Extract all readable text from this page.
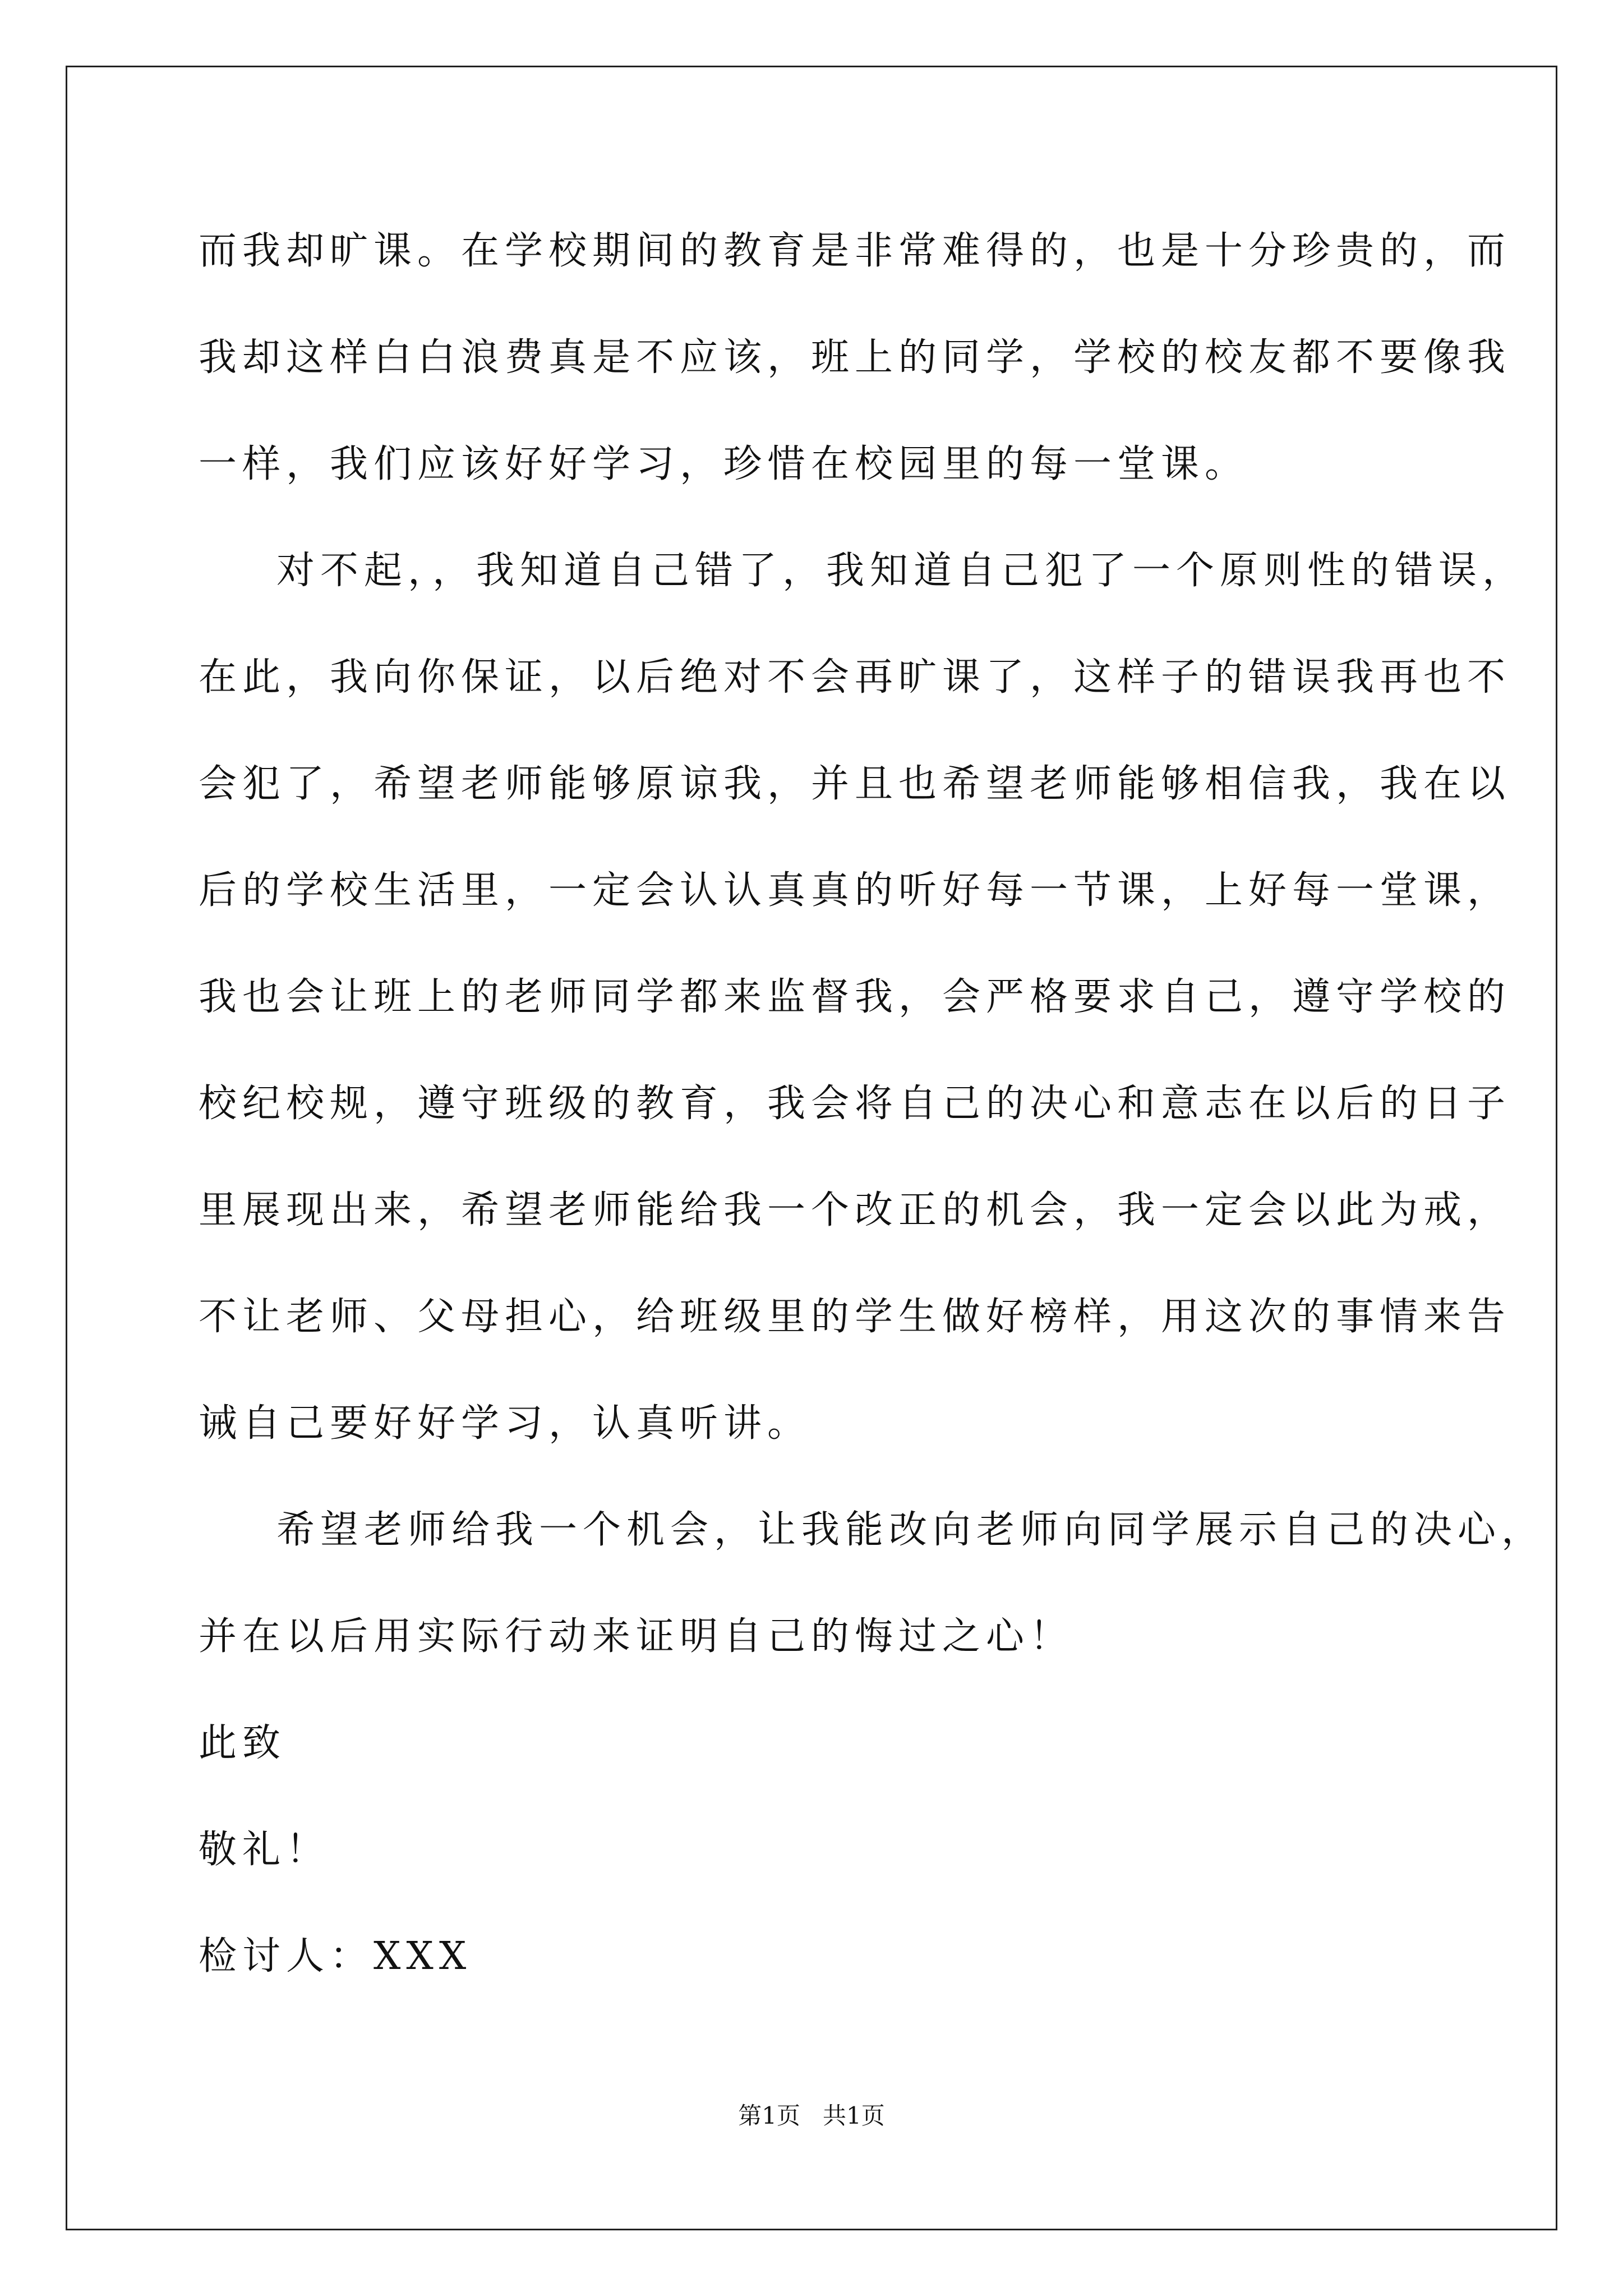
而我却旷课。在学校期间的教育是非常难得的，也是十分珍贵的，而
我却这样白白浪费真是不应该，班上的同学，学校的校友都不要像我
一样，我们应该好好学习，珍惜在校园里的每一堂课。
对不起，，我知道自己错了，我知道自己犯了一个原则性的错误，
在此，我向你保证，以后绝对不会再旷课了，这样子的错误我再也不
会犯了，希望老师能够原谅我，并且也希望老师能够相信我，我在以
后的学校生活里，一定会认认真真的听好每一节课，上好每一堂课，
我也会让班上的老师同学都来监督我，会严格要求自己，遵守学校的
校纪校规，遵守班级的教育，我会将自己的决心和意志在以后的日子
里展现出来，希望老师能给我一个改正的机会，我一定会以此为戒，
不让老师、父母担心，给班级里的学生做好榜样，用这次的事情来告
诫自己要好好学习，认真听讲。
希望老师给我一个机会，让我能改向老师向同学展示自己的决心，
并在以后用实际行动来证明自己的悔过之心！
此致
敬礼！
检讨人：XXX
第1页 共1页
